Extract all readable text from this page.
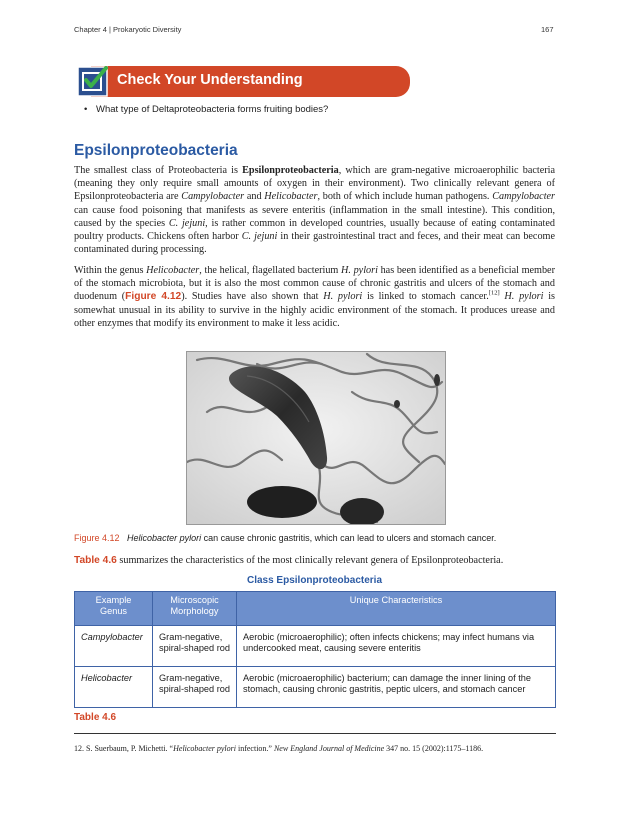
Chapter 4 | Prokaryotic Diversity	167
Check Your Understanding
• What type of Deltaproteobacteria forms fruiting bodies?
Epsilonproteobacteria
The smallest class of Proteobacteria is Epsilonproteobacteria, which are gram-negative microaerophilic bacteria (meaning they only require small amounts of oxygen in their environment). Two clinically relevant genera of Epsilonproteobacteria are Campylobacter and Helicobacter, both of which include human pathogens. Campylobacter can cause food poisoning that manifests as severe enteritis (inflammation in the small intestine). This condition, caused by the species C. jejuni, is rather common in developed countries, usually because of eating contaminated poultry products. Chickens often harbor C. jejuni in their gastrointestinal tract and feces, and their meat can become contaminated during processing.
Within the genus Helicobacter, the helical, flagellated bacterium H. pylori has been identified as a beneficial member of the stomach microbiota, but it is also the most common cause of chronic gastritis and ulcers of the stomach and duodenum (Figure 4.12). Studies have also shown that H. pylori is linked to stomach cancer.[12] H. pylori is somewhat unusual in its ability to survive in the highly acidic environment of the stomach. It produces urease and other enzymes that modify its environment to make it less acidic.
Figure 4.12 Helicobacter pylori can cause chronic gastritis, which can lead to ulcers and stomach cancer.
Table 4.6 summarizes the characteristics of the most clinically relevant genera of Epsilonproteobacteria.
Class Epsilonproteobacteria
Example Genus	Microscopic Morphology	Unique Characteristics
Campylobacter	Gram-negative, spiral-shaped rod	Aerobic (microaerophilic); often infects chickens; may infect humans via undercooked meat, causing severe enteritis
Helicobacter	Gram-negative, spiral-shaped rod	Aerobic (microaerophilic) bacterium; can damage the inner lining of the stomach, causing chronic gastritis, peptic ulcers, and stomach cancer
Table 4.6
12. S. Suerbaum, P. Michetti. “Helicobacter pylori infection.” New England Journal of Medicine 347 no. 15 (2002):1175–1186.
